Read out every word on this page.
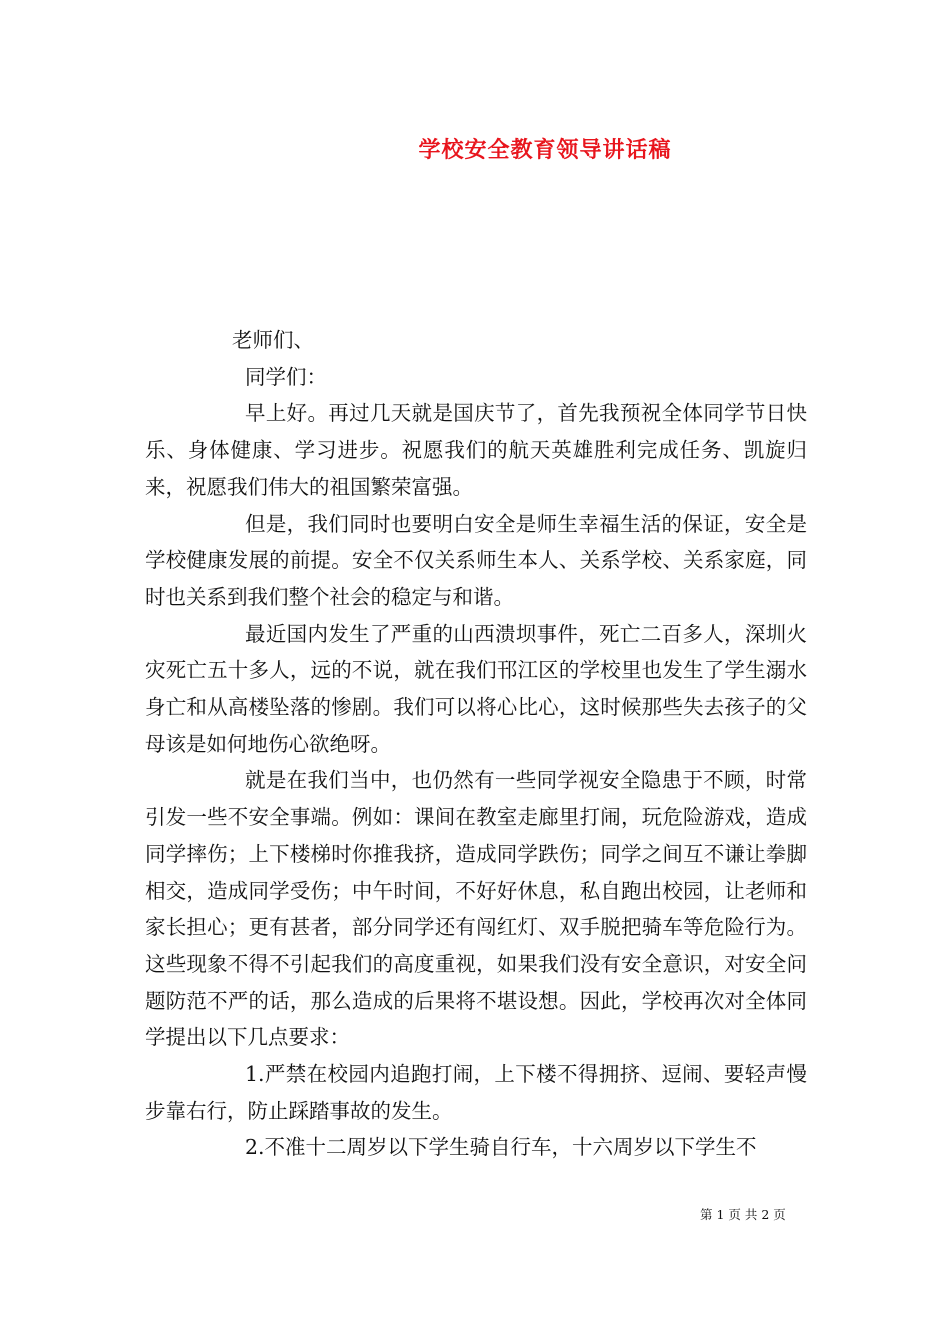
学校安全教育领导讲话稿

老师们、

同学们：

早上好。再过几天就是国庆节了，首先我预祝全体同学节日快乐、身体健康、学习进步。祝愿我们的航天英雄胜利完成任务、凯旋归来，祝愿我们伟大的祖国繁荣富强。

但是，我们同时也要明白安全是师生幸福生活的保证，安全是学校健康发展的前提。安全不仅关系师生本人、关系学校、关系家庭，同时也关系到我们整个社会的稳定与和谐。

最近国内发生了严重的山西溃坝事件，死亡二百多人，深圳火灾死亡五十多人，远的不说，就在我们邗江区的学校里也发生了学生溺水身亡和从高楼坠落的惨剧。我们可以将心比心，这时候那些失去孩子的父母该是如何地伤心欲绝呀。

就是在我们当中，也仍然有一些同学视安全隐患于不顾，时常引发一些不安全事端。例如：课间在教室走廊里打闹，玩危险游戏，造成同学摔伤；上下楼梯时你推我挤，造成同学跌伤；同学之间互不谦让拳脚相交，造成同学受伤；中午时间，不好好休息，私自跑出校园，让老师和家长担心；更有甚者，部分同学还有闯红灯、双手脱把骑车等危险行为。这些现象不得不引起我们的高度重视，如果我们没有安全意识，对安全问题防范不严的话，那么造成的后果将不堪设想。因此，学校再次对全体同学提出以下几点要求：

1.严禁在校园内追跑打闹，上下楼不得拥挤、逗闹、要轻声慢步靠右行，防止踩踏事故的发生。

2.不准十二周岁以下学生骑自行车，十六周岁以下学生不

第 1 页 共 2 页
